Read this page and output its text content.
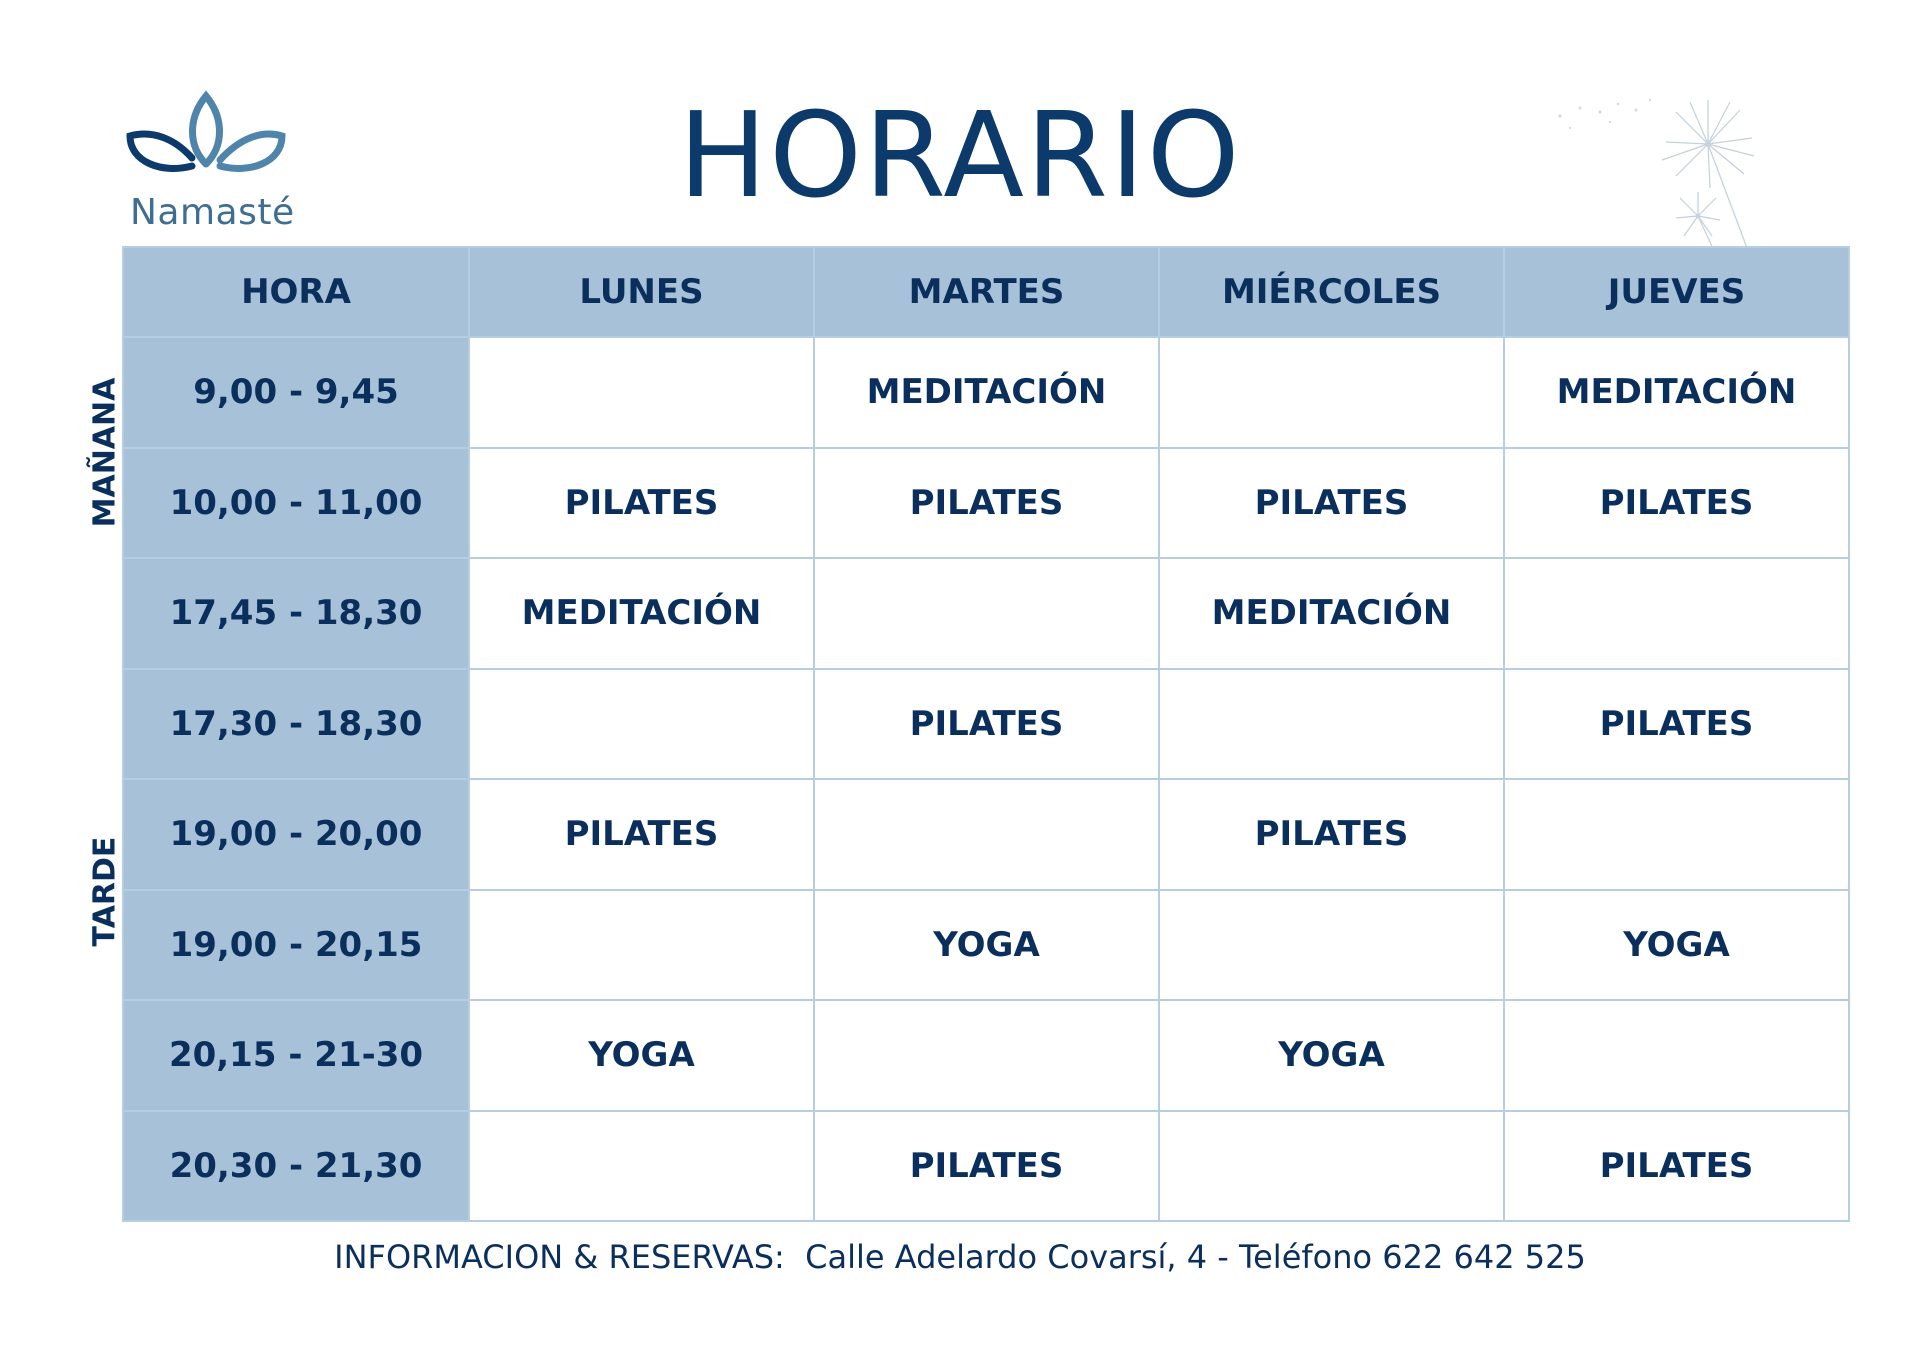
Namasté	HORARIO
MAÑANA
TARDE
HORA	LUNES	MARTES	MIÉRCOLES	JUEVES
9,00 - 9,45		MEDITACIÓN		MEDITACIÓN
10,00 - 11,00	PILATES	PILATES	PILATES	PILATES
17,45 - 18,30	MEDITACIÓN		MEDITACIÓN	
17,30 - 18,30		PILATES		PILATES
19,00 - 20,00	PILATES		PILATES	
19,00 - 20,15		YOGA		YOGA
20,15 - 21-30	YOGA		YOGA	
20,30 - 21,30		PILATES		PILATES
INFORMACION & RESERVAS:  Calle Adelardo Covarsí, 4 - Teléfono 622 642 525
